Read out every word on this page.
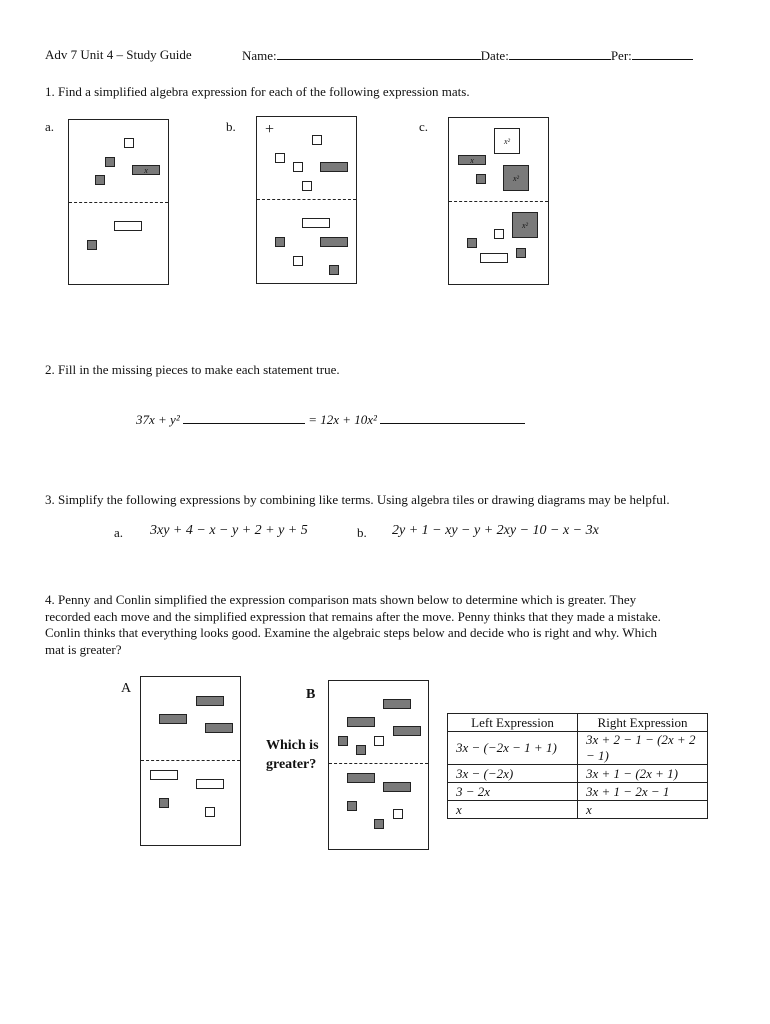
Adv 7 Unit 4 – Study Guide	Name:	Date:	Per:
1. Find a simplified algebra expression for each of the following expression mats.
a.	b.	c.
x
+
x²
x
x²
x²
2. Fill in the missing pieces to make each statement true.
37x + y²	= 12x + 10x²
3. Simplify the following expressions by combining like terms. Using algebra tiles or drawing diagrams may be helpful.
a. 3xy + 4 − x − y + 2 + y + 5	b. 2y + 1 − xy − y + 2xy − 10 − x − 3x
4. Penny and Conlin simplified the expression comparison mats shown below to determine which is greater. They
recorded each move and the simplified expression that remains after the move. Penny thinks that they made a mistake.
Conlin thinks that everything looks good. Examine the algebraic steps below and decide who is right and why. Which
mat is greater?
A	B
Which is
greater?
Left Expression	Right Expression
3x − (−2x − 1 + 1)	3x + 2 − 1 − (2x + 2 − 1)
3x − (−2x)	3x + 1 − (2x + 1)
3 − 2x	3x + 1 − 2x − 1
x	x
